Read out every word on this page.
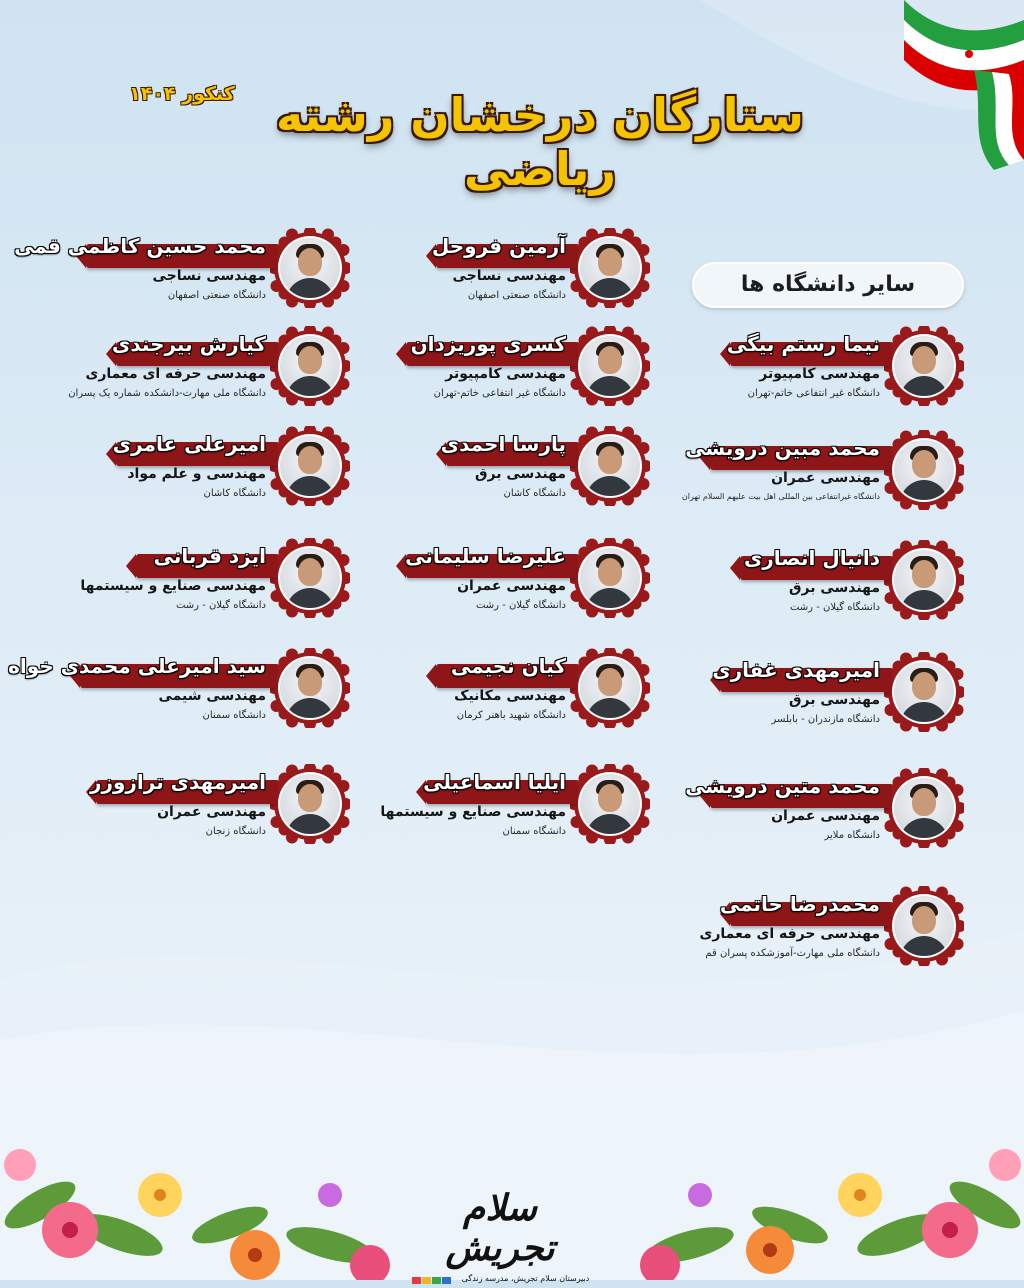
ستارگان درخشان رشته ریاضی
کنکور ۱۴۰۴
سایر دانشگاه ها
محمد حسین کاظمی قمی
مهندسی نساجی
دانشگاه صنعتی اصفهان
کیارش بیرجندی
مهندسی حرفه ای معماری
دانشگاه ملی مهارت-دانشکده شماره یک پسران
امیرعلی عامری
مهندسی و علم مواد
دانشگاه کاشان
ایزد قربانی
مهندسی صنایع و سیستمها
دانشگاه گیلان - رشت
سید امیرعلی محمدی خواه
مهندسی شیمی
دانشگاه سمنان
امیرمهدی ترازوزر
مهندسی عمران
دانشگاه زنجان
آرمین فروحل
مهندسی نساجی
دانشگاه صنعتی اصفهان
کسری پوریزدان
مهندسی کامپیوتر
دانشگاه غیر انتفاعی خاتم-تهران
پارسا احمدی
مهندسی برق
دانشگاه کاشان
علیرضا سلیمانی
مهندسی عمران
دانشگاه گیلان - رشت
کیان نجیمی
مهندسی مکانیک
دانشگاه شهید باهنر کرمان
ایلیا اسماعیلی
مهندسی صنایع و سیستمها
دانشگاه سمنان
نیما رستم بیگی
مهندسی کامپیوتر
دانشگاه غیر انتفاعی خاتم-تهران
محمد مبین درویشی
مهندسی عمران
دانشگاه غیرانتفاعی بین المللی اهل بیت علیهم السلام تهران
دانیال انصاری
مهندسی برق
دانشگاه گیلان - رشت
امیرمهدی غفاری
مهندسی برق
دانشگاه مازندران - بابلسر
محمد متین درویشی
مهندسی عمران
دانشگاه ملایر
محمدرضا حاتمی
مهندسی حرفه ای معماری
دانشگاه ملی مهارت-آموزشکده پسران قم
سلام تجریش
دبیرستان سلام تجریش، مدرسه زندگی
